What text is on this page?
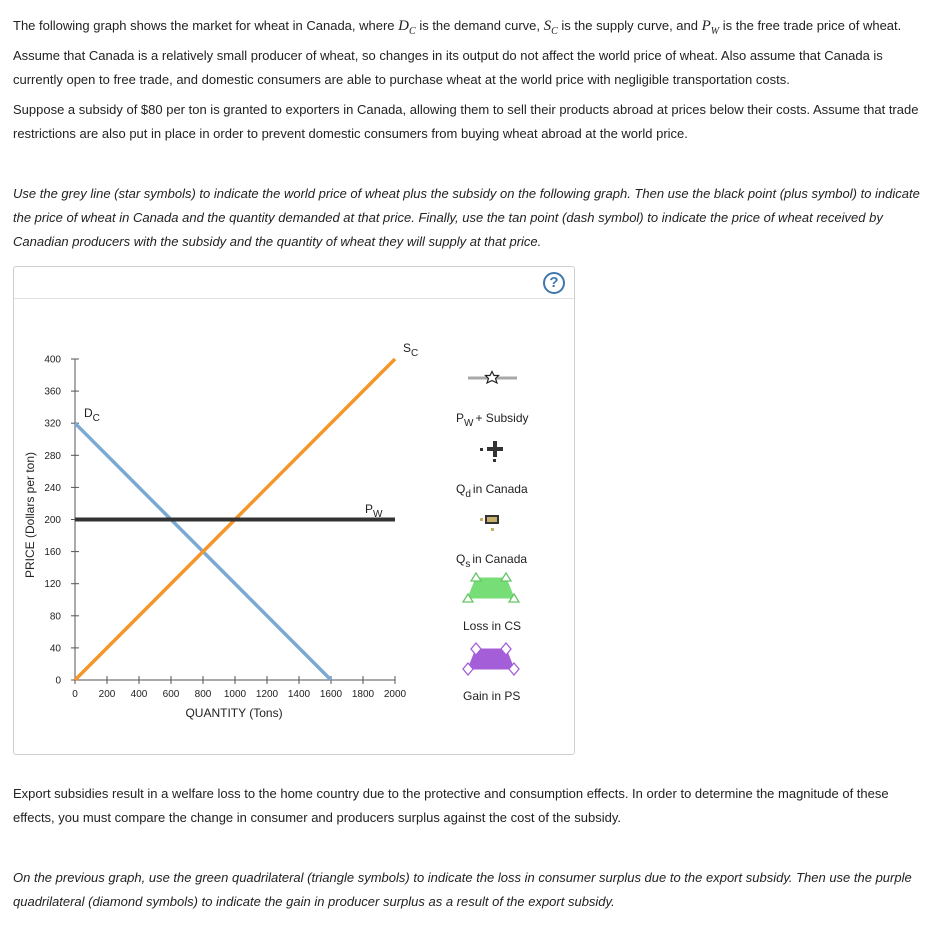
The following graph shows the market for wheat in Canada, where $D_C$ is the demand curve, $S_C$ is the supply curve, and $P_W$ is the free trade price of wheat. Assume that Canada is a relatively small producer of wheat, so changes in its output do not affect the world price of wheat. Also assume that Canada is currently open to free trade, and domestic consumers are able to purchase wheat at the world price with negligible transportation costs.

Suppose a subsidy of $80 per ton is granted to exporters in Canada, allowing them to sell their products abroad at prices below their costs. Assume that trade restrictions are also put in place in order to prevent domestic consumers from buying wheat abroad at the world price.

Use the grey line (star symbols) to indicate the world price of wheat plus the subsidy on the following graph. Then use the black point (plus symbol) to indicate the price of wheat in Canada and the quantity demanded at that price. Finally, use the tan point (dash symbol) to indicate the price of wheat received by Canadian producers with the subsidy and the quantity of wheat they will supply at that price.

?
0
40
80
120
160
200
240
280
320
360
400
0 200 400 600 800 1000 1200 1400 1600 1800 2000
$D_C$
$S_C$
$P_W$
PRICE (Dollars per ton)
QUANTITY (Tons)
$P_W$ + Subsidy
$Q_d$ in Canada
$Q_s$ in Canada
Loss in CS
Gain in PS

Export subsidies result in a welfare loss to the home country due to the protective and consumption effects. In order to determine the magnitude of these effects, you must compare the change in consumer and producers surplus against the cost of the subsidy.

On the previous graph, use the green quadrilateral (triangle symbols) to indicate the loss in consumer surplus due to the export subsidy. Then use the purple quadrilateral (diamond symbols) to indicate the gain in producer surplus as a result of the export subsidy.
